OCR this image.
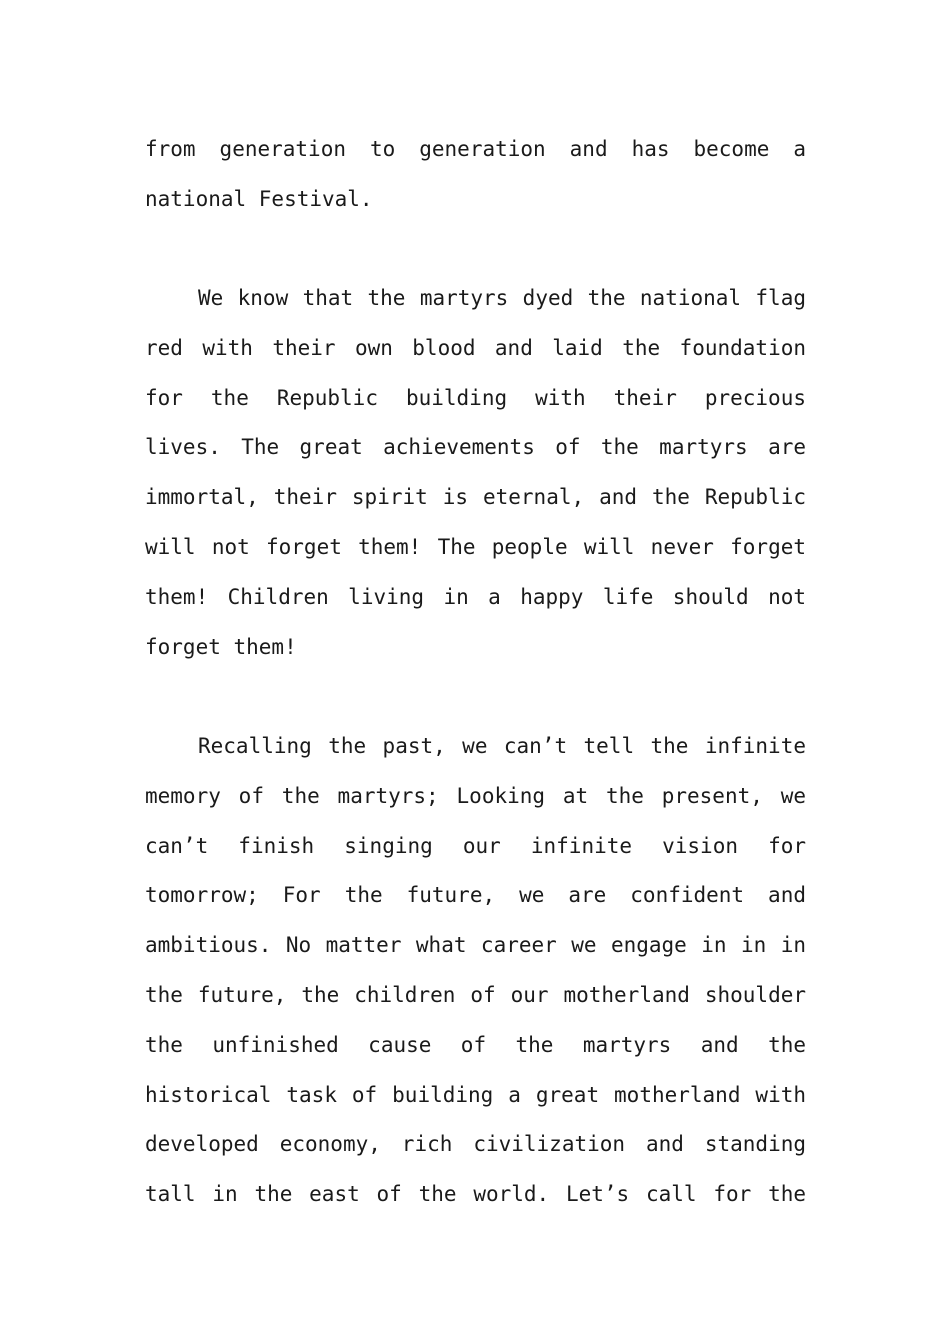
from generation to generation and has become a
national Festival.
We know that the martyrs dyed the national flag
red with their own blood and laid the foundation
for the Republic building with their precious
lives. The great achievements of the martyrs are
immortal, their spirit is eternal, and the Republic
will not forget them! The people will never forget
them! Children living in a happy life should not
forget them!
Recalling the past, we can’t tell the infinite
memory of the martyrs; Looking at the present, we
can’t finish singing our infinite vision for
tomorrow; For the future, we are confident and
ambitious. No matter what career we engage in in in
the future, the children of our motherland shoulder
the unfinished cause of the martyrs and the
historical task of building a great motherland with
developed economy, rich civilization and standing
tall in the east of the world. Let’s call for the
